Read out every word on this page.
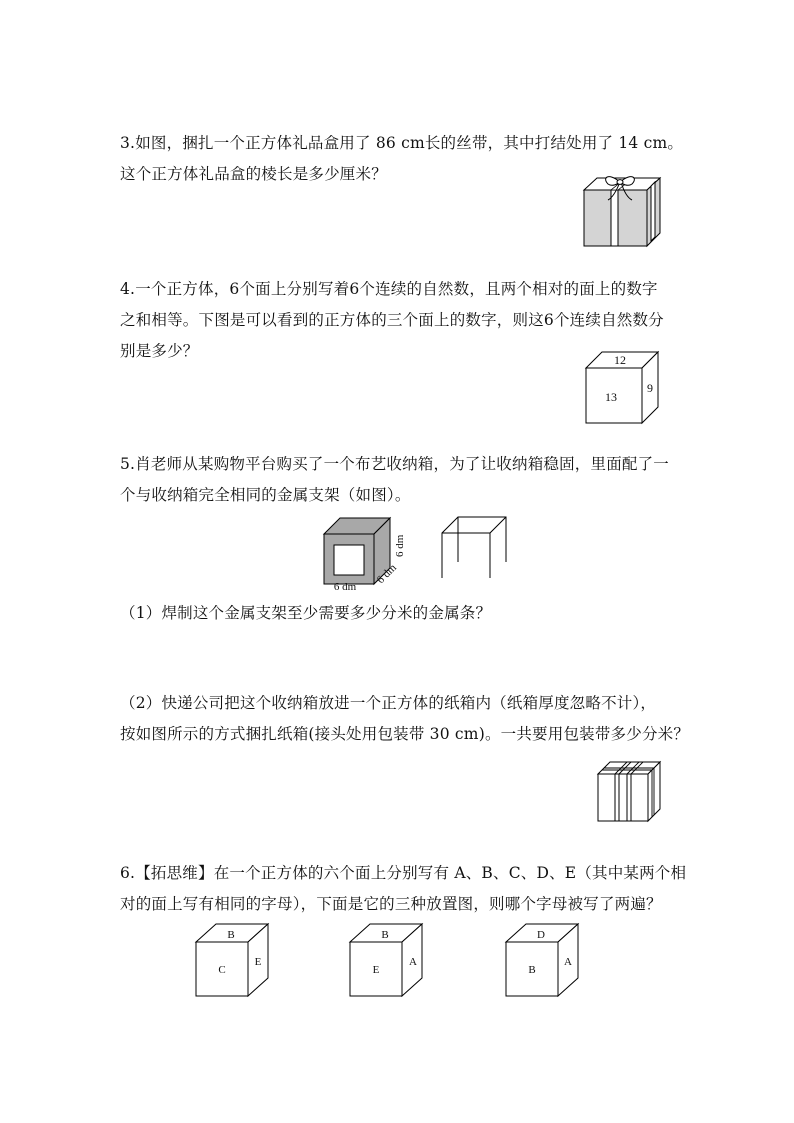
3.如图，捆扎一个正方体礼品盒用了 86 cm长的丝带，其中打结处用了 14 cm。
这个正方体礼品盒的棱长是多少厘米？
4.一个正方体，6个面上分别写着6个连续的自然数，且两个相对的面上的数字
之和相等。下图是可以看到的正方体的三个面上的数字，则这6个连续自然数分
别是多少？	12
13
9
5.肖老师从某购物平台购买了一个布艺收纳箱，为了让收纳箱稳固，里面配了一
个与收纳箱完全相同的金属支架（如图）。
6 dm
6 dm
6 dm
（1）焊制这个金属支架至少需要多少分米的金属条？
（2）快递公司把这个收纳箱放进一个正方体的纸箱内（纸箱厚度忽略不计），
按如图所示的方式捆扎纸箱(接头处用包装带 30 cm)。一共要用包装带多少分米？
6.【拓思维】在一个正方体的六个面上分别写有 A、B、C、D、E（其中某两个相
对的面上写有相同的字母），下面是它的三种放置图，则哪个字母被写了两遍？
B
C
E
B
E
A
D
B
A
